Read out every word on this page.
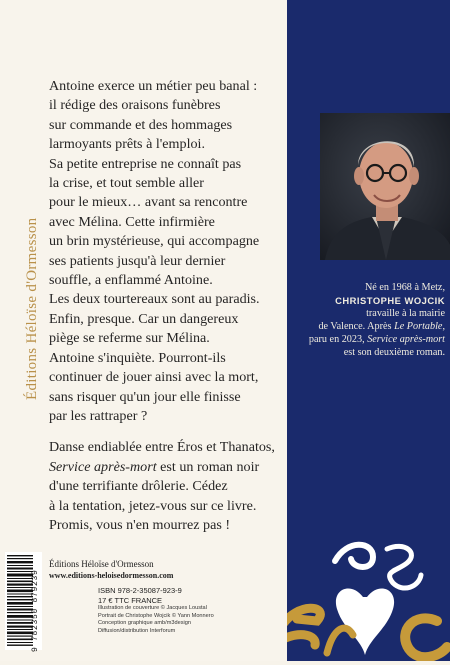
Éditions Héloïse d'Ormesson

Antoine exerce un métier peu banal :
il rédige des oraisons funèbres
sur commande et des hommages
larmoyants prêts à l'emploi.
Sa petite entreprise ne connaît pas
la crise, et tout semble aller
pour le mieux… avant sa rencontre
avec Mélina. Cette infirmière
un brin mystérieuse, qui accompagne
ses patients jusqu'à leur dernier
souffle, a enflammé Antoine.
Les deux tourtereaux sont au paradis.
Enfin, presque. Car un dangereux
piège se referme sur Mélina.
Antoine s'inquiète. Pourront-ils
continuer de jouer ainsi avec la mort,
sans risquer qu'un jour elle finisse
par les rattraper ?

Danse endiablée entre Éros et Thanatos,
Service après-mort est un roman noir
d'une terrifiante drôlerie. Cédez
à la tentation, jetez-vous sur ce livre.
Promis, vous n'en mourrez pas !

Né en 1968 à Metz,
CHRISTOPHE WOJCIK
travaille à la mairie
de Valence. Après Le Portable,
paru en 2023, Service après-mort
est son deuxième roman.
9 782350 879239
Éditions Héloïse d'Ormesson
www.editions-heloisedormesson.com
ISBN 978-2-35087-923-9
17 € TTC FRANCE
Illustration de couverture © Jacques Loustal
Portrait de Christophe Wojcik © Yann Monnero
Conception graphique amb/m3design
Diffusion/distribution Interforum
